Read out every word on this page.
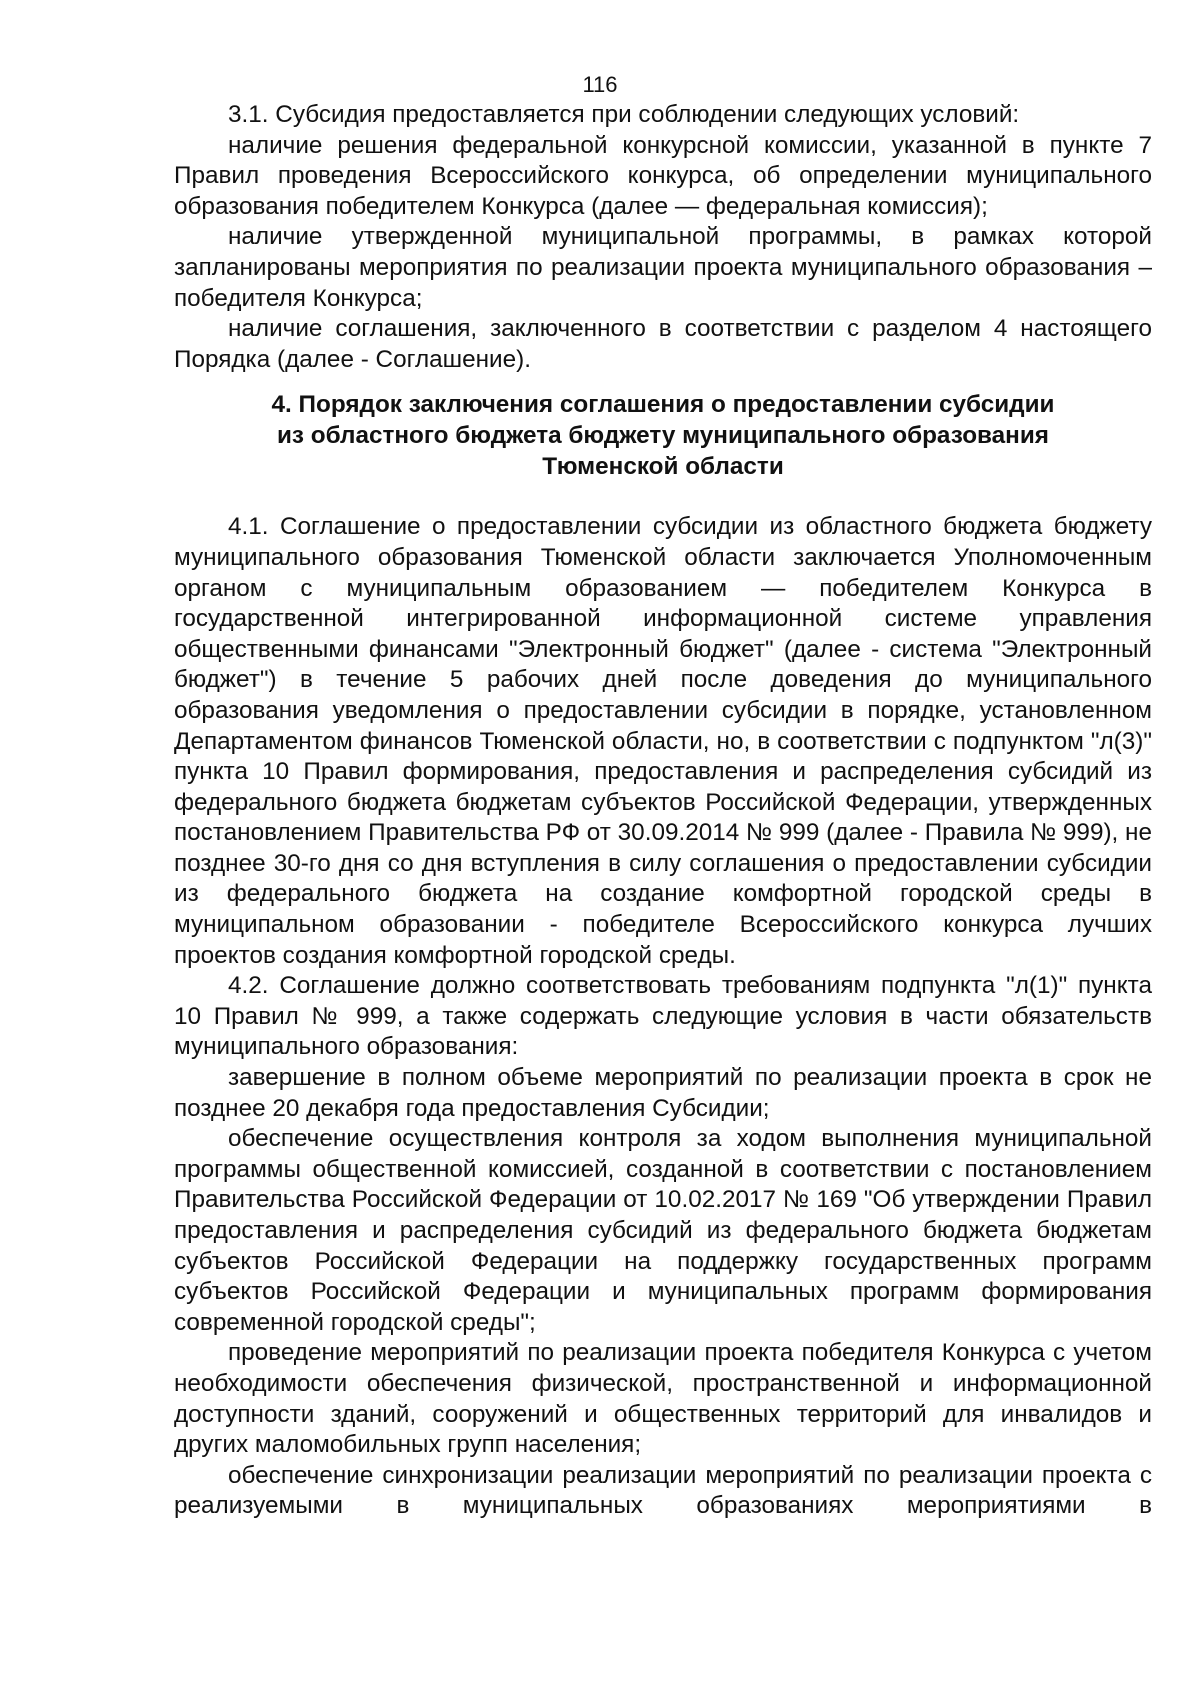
116

3.1. Субсидия предоставляется при соблюдении следующих условий:

наличие решения федеральной конкурсной комиссии, указанной в пункте 7 Правил проведения Всероссийского конкурса, об определении муниципального образования победителем Конкурса (далее — федеральная комиссия);

наличие утвержденной муниципальной программы, в рамках которой запланированы мероприятия по реализации проекта муниципального образования – победителя Конкурса;

наличие соглашения, заключенного в соответствии с разделом 4 настоящего Порядка (далее - Соглашение).

4. Порядок заключения соглашения о предоставлении субсидии
из областного бюджета бюджету муниципального образования
Тюменской области

4.1. Соглашение о предоставлении субсидии из областного бюджета бюджету муниципального образования Тюменской области заключается Уполномоченным органом с муниципальным образованием — победителем Конкурса в государственной интегрированной информационной системе управления общественными финансами "Электронный бюджет" (далее - система "Электронный бюджет") в течение 5 рабочих дней после доведения до муниципального образования уведомления о предоставлении субсидии в порядке, установленном Департаментом финансов Тюменской области, но, в соответствии с подпунктом "л(3)" пункта 10 Правил формирования, предоставления и распределения субсидий из федерального бюджета бюджетам субъектов Российской Федерации, утвержденных постановлением Правительства РФ от 30.09.2014 № 999 (далее - Правила № 999), не позднее 30-го дня со дня вступления в силу соглашения о предоставлении субсидии из федерального бюджета на создание комфортной городской среды в муниципальном образовании - победителе Всероссийского конкурса лучших проектов создания комфортной городской среды.

4.2. Соглашение должно соответствовать требованиям подпункта "л(1)" пункта 10 Правил № 999, а также содержать следующие условия в части обязательств муниципального образования:

завершение в полном объеме мероприятий по реализации проекта в срок не позднее 20 декабря года предоставления Субсидии;

обеспечение осуществления контроля за ходом выполнения муниципальной программы общественной комиссией, созданной в соответствии с постановлением Правительства Российской Федерации от 10.02.2017 № 169 "Об утверждении Правил предоставления и распределения субсидий из федерального бюджета бюджетам субъектов Российской Федерации на поддержку государственных программ субъектов Российской Федерации и муниципальных программ формирования современной городской среды";

проведение мероприятий по реализации проекта победителя Конкурса с учетом необходимости обеспечения физической, пространственной и информационной доступности зданий, сооружений и общественных территорий для инвалидов и других маломобильных групп населения;

обеспечение синхронизации реализации мероприятий по реализации проекта с реализуемыми в муниципальных образованиях мероприятиями в
